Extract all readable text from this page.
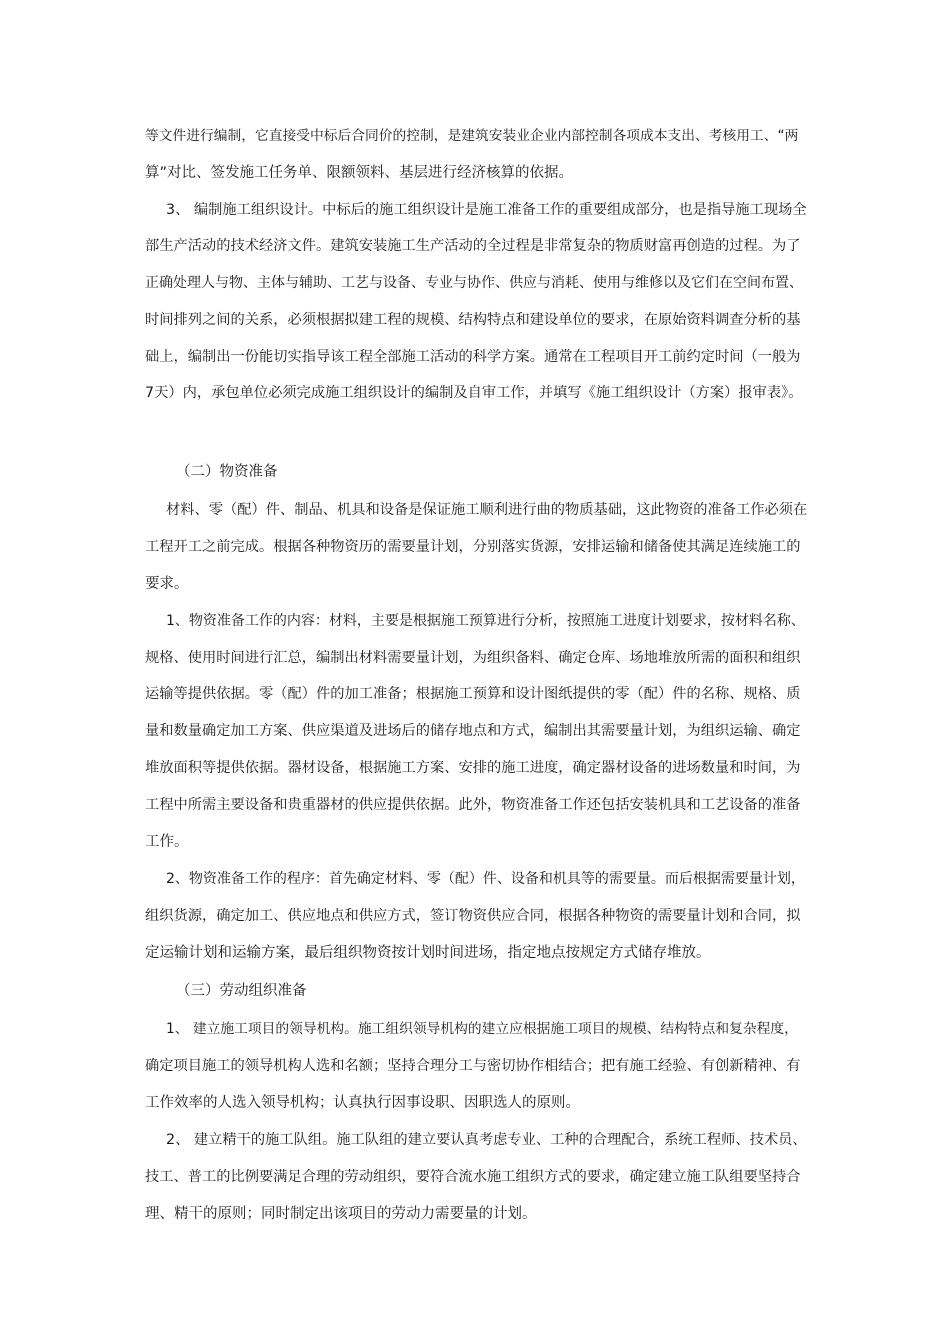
等文件进行编制，它直接受中标后合同价的控制，是建筑安装业企业内部控制各项成本支出、考核用工、“两
算”对比、签发施工任务单、限额领料、基层进行经济核算的依据。
3、 编制施工组织设计。中标后的施工组织设计是施工准备工作的重要组成部分，也是指导施工现场全
部生产活动的技术经济文件。建筑安装施工生产活动的全过程是非常复杂的物质财富再创造的过程。为了
正确处理人与物、主体与辅助、工艺与设备、专业与协作、供应与消耗、使用与维修以及它们在空间布置、
时间排列之间的关系，必须根据拟建工程的规模、结构特点和建设单位的要求，在原始资料调查分析的基
础上，编制出一份能切实指导该工程全部施工活动的科学方案。通常在工程项目开工前约定时间（一般为
7天）内，承包单位必须完成施工组织设计的编制及自审工作，并填写《施工组织设计（方案）报审表》。
（二）物资准备
材料、零（配）件、制品、机具和设备是保证施工顺利进行曲的物质基础，这此物资的准备工作必须在
工程开工之前完成。根据各种物资历的需要量计划，分别落实货源，安排运输和储备使其满足连续施工的
要求。
1、物资准备工作的内容：材料，主要是根据施工预算进行分析，按照施工进度计划要求，按材料名称、
规格、使用时间进行汇总，编制出材料需要量计划，为组织备料、确定仓库、场地堆放所需的面积和组织
运输等提供依据。零（配）件的加工准备；根据施工预算和设计图纸提供的零（配）件的名称、规格、质
量和数量确定加工方案、供应渠道及进场后的储存地点和方式，编制出其需要量计划，为组织运输、确定
堆放面积等提供依据。器材设备，根据施工方案、安排的施工进度，确定器材设备的进场数量和时间，为
工程中所需主要设备和贵重器材的供应提供依据。此外，物资准备工作还包括安装机具和工艺设备的准备
工作。
2、物资准备工作的程序：首先确定材料、零（配）件、设备和机具等的需要量。而后根据需要量计划，
组织货源，确定加工、供应地点和供应方式，签订物资供应合同，根据各种物资的需要量计划和合同，拟
定运输计划和运输方案，最后组织物资按计划时间进场，指定地点按规定方式储存堆放。
（三）劳动组织准备
1、 建立施工项目的领导机构。施工组织领导机构的建立应根据施工项目的规模、结构特点和复杂程度，
确定项目施工的领导机构人选和名额；坚持合理分工与密切协作相结合；把有施工经验、有创新精神、有
工作效率的人选入领导机构；认真执行因事设职、因职选人的原则。
2、 建立精干的施工队组。施工队组的建立要认真考虑专业、工种的合理配合，系统工程师、技术员、
技工、普工的比例要满足合理的劳动组织，要符合流水施工组织方式的要求，确定建立施工队组要坚持合
理、精干的原则；同时制定出该项目的劳动力需要量的计划。
